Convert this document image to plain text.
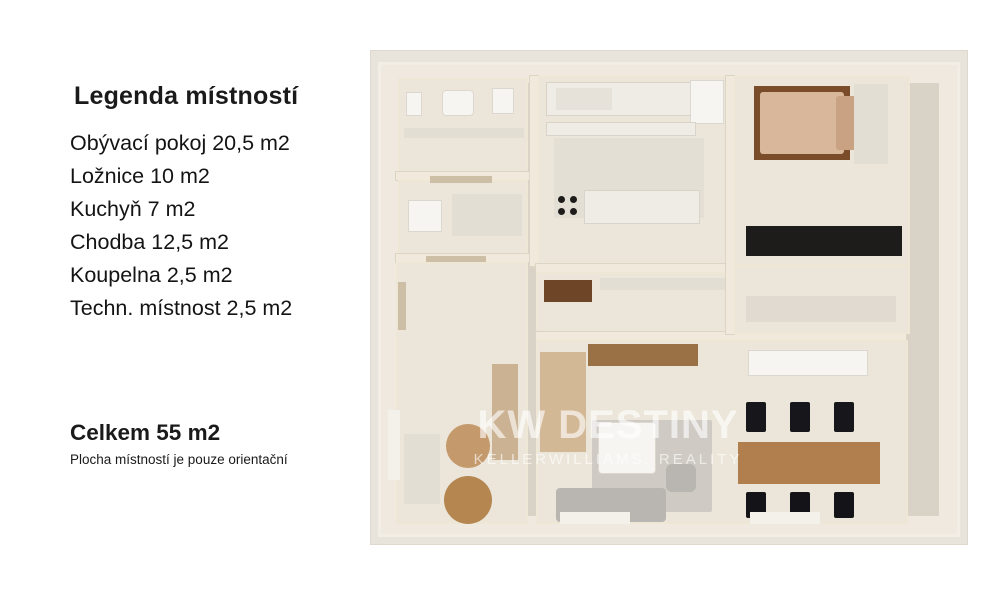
Legenda místností
Obývací pokoj 20,5 m2
Ložnice 10 m2
Kuchyň 7 m2
Chodba 12,5 m2
Koupelna 2,5 m2
Techn. místnost 2,5 m2
Celkem 55 m2
Plocha místností je pouze orientační
KW DESTINY
KELLERWILLIAMS. REALITY
